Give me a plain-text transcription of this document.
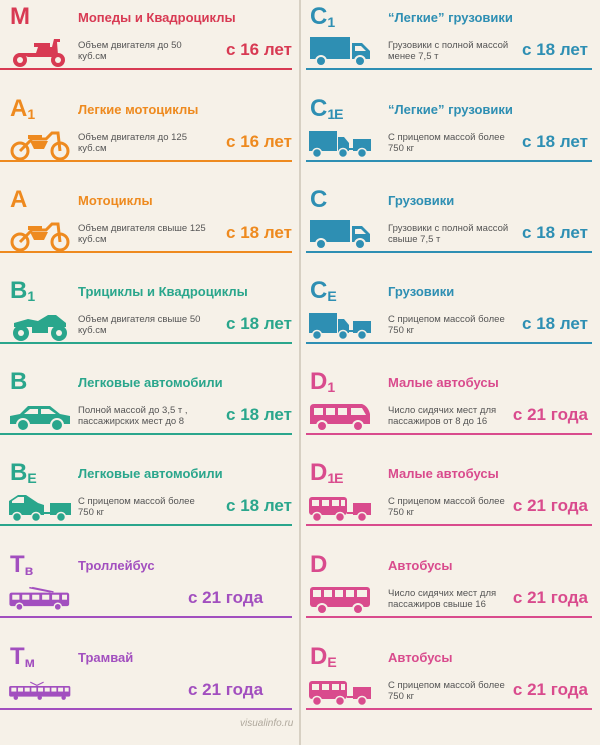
M	Мопеды и Квадроциклы
Объем двигателя до 50 куб.см	с 16 лет
$A_1$	Легкие мотоциклы
Объем двигателя до 125 куб.см	с 16 лет
A	Мотоциклы
Объем двигателя свыше 125 куб.см	с 18 лет
$B_1$	Трициклы и Квадроциклы
Объем двигателя свыше 50 куб.см	с 18 лет
B	Легковые автомобили
Полной массой до 3,5 т , пассажирских мест до 8	с 18 лет
$B_E$	Легковые автомобили
С прицепом массой более 750 кг	с 18 лет
$T_в$	Троллейбус
с 21 года
$T_м$	Трамвай
с 21 года
$C_1$	“Легкие” грузовики
Грузовики с полной массой менее 7,5 т	с 18 лет
$C_{1E}$	“Легкие” грузовики
С прицепом массой более 750 кг	с 18 лет
C	Грузовики
Грузовики с полной массой свыше 7,5 т	с 18 лет
$C_E$	Грузовики
С прицепом массой более 750 кг	с 18 лет
$D_1$	Малые автобусы
Число сидячих мест для пассажиров от 8 до 16	с 21 года
$D_{1E}$	Малые автобусы
С прицепом массой более 750 кг	с 21 года
D	Автобусы
Число сидячих мест для пассажиров свыше 16	с 21 года
$D_E$	Автобусы
С прицепом массой более 750 кг	с 21 года
visualinfo.ru
